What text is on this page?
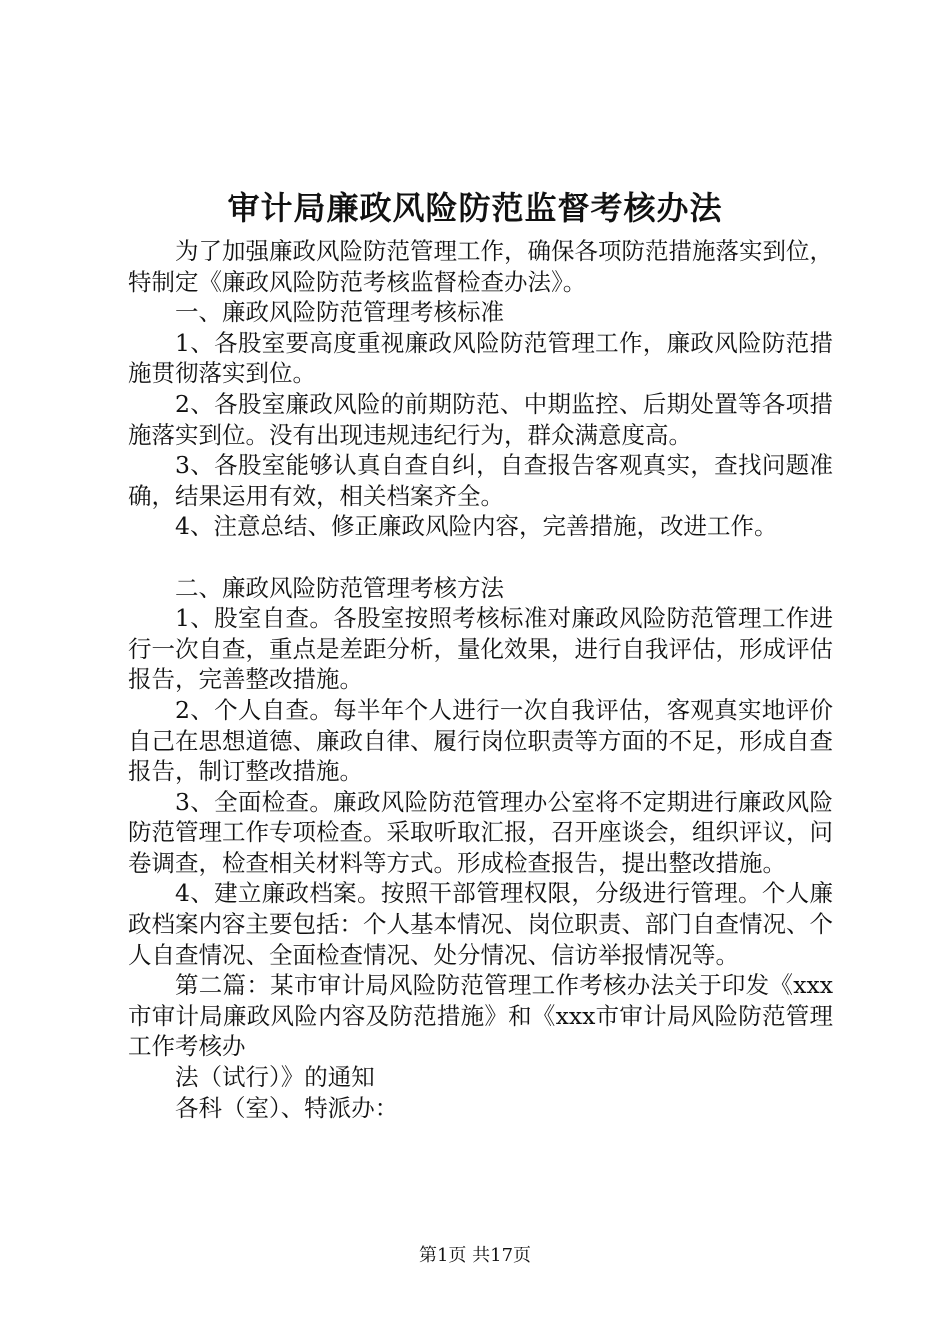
审计局廉政风险防范监督考核办法

为了加强廉政风险防范管理工作，确保各项防范措施落实到位，特制定《廉政风险防范考核监督检查办法》。

一、廉政风险防范管理考核标准

1、各股室要高度重视廉政风险防范管理工作，廉政风险防范措施贯彻落实到位。

2、各股室廉政风险的前期防范、中期监控、后期处置等各项措施落实到位。没有出现违规违纪行为，群众满意度高。

3、各股室能够认真自查自纠，自查报告客观真实，查找问题准确，结果运用有效，相关档案齐全。

4、注意总结、修正廉政风险内容，完善措施，改进工作。

二、廉政风险防范管理考核方法

1、股室自查。各股室按照考核标准对廉政风险防范管理工作进行一次自查，重点是差距分析，量化效果，进行自我评估，形成评估报告，完善整改措施。

2、个人自查。每半年个人进行一次自我评估，客观真实地评价自己在思想道德、廉政自律、履行岗位职责等方面的不足，形成自查报告，制订整改措施。

3、全面检查。廉政风险防范管理办公室将不定期进行廉政风险防范管理工作专项检查。采取听取汇报，召开座谈会，组织评议，问卷调查，检查相关材料等方式。形成检查报告，提出整改措施。

4、建立廉政档案。按照干部管理权限，分级进行管理。个人廉政档案内容主要包括：个人基本情况、岗位职责、部门自查情况、个人自查情况、全面检查情况、处分情况、信访举报情况等。

第二篇：某市审计局风险防范管理工作考核办法关于印发《xxx市审计局廉政风险内容及防范措施》和《xxx市审计局风险防范管理工作考核办

法（试行）》的通知

各科（室）、特派办：

第1页 共17页
